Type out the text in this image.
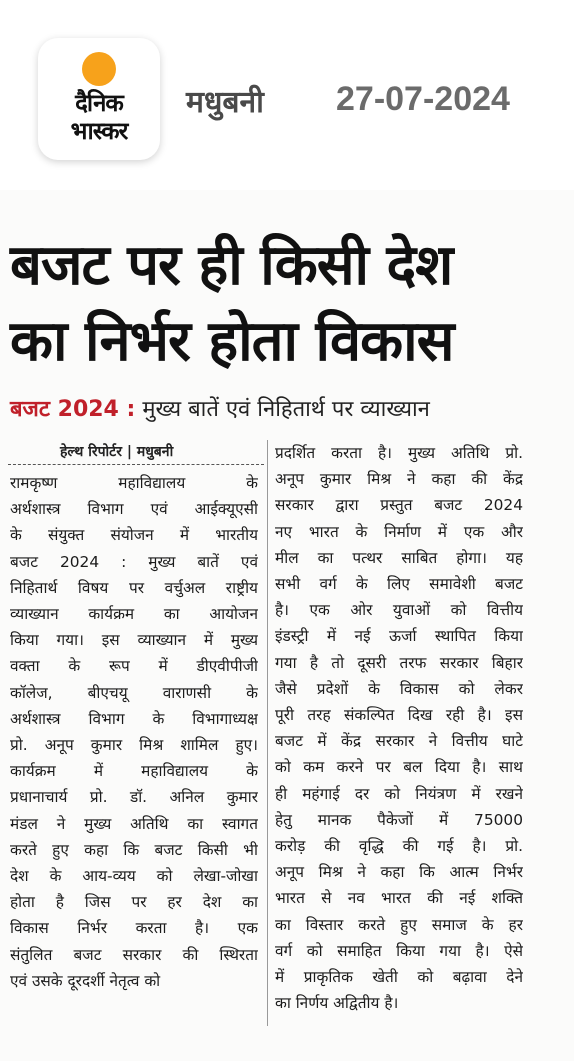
दैनिक
भास्कर
मधुबनी 27-07-2024
बजट पर ही किसी देश
का निर्भर होता विकास
बजट 2024 : मुख्य बातें एवं निहितार्थ पर व्याख्यान
हेल्थ रिपोर्टर | मधुबनी
रामकृष्ण महाविद्यालय के
अर्थशास्त्र विभाग एवं आईक्यूएसी
के संयुक्त संयोजन में भारतीय
बजट 2024 : मुख्य बातें एवं
निहितार्थ विषय पर वर्चुअल राष्ट्रीय
व्याख्यान कार्यक्रम का आयोजन
किया गया। इस व्याख्यान में मुख्य
वक्ता के रूप में डीएवीपीजी
कॉलेज, बीएचयू वाराणसी के
अर्थशास्त्र विभाग के विभागाध्यक्ष
प्रो. अनूप कुमार मिश्र शामिल हुए।
कार्यक्रम में महाविद्यालय के
प्रधानाचार्य प्रो. डॉ. अनिल कुमार
मंडल ने मुख्य अतिथि का स्वागत
करते हुए कहा कि बजट किसी भी
देश के आय-व्यय को लेखा-जोखा
होता है जिस पर हर देश का
विकास निर्भर करता है। एक
संतुलित बजट सरकार की स्थिरता
एवं उसके दूरदर्शी नेतृत्व को
प्रदर्शित करता है। मुख्य अतिथि प्रो.
अनूप कुमार मिश्र ने कहा की केंद्र
सरकार द्वारा प्रस्तुत बजट 2024
नए भारत के निर्माण में एक और
मील का पत्थर साबित होगा। यह
सभी वर्ग के लिए समावेशी बजट
है। एक ओर युवाओं को वित्तीय
इंडस्ट्री में नई ऊर्जा स्थापित किया
गया है तो दूसरी तरफ सरकार बिहार
जैसे प्रदेशों के विकास को लेकर
पूरी तरह संकल्पित दिख रही है। इस
बजट में केंद्र सरकार ने वित्तीय घाटे
को कम करने पर बल दिया है। साथ
ही महंगाई दर को नियंत्रण में रखने
हेतु मानक पैकेजों में 75000
करोड़ की वृद्धि की गई है। प्रो.
अनूप मिश्र ने कहा कि आत्म निर्भर
भारत से नव भारत की नई शक्ति
का विस्तार करते हुए समाज के हर
वर्ग को समाहित किया गया है। ऐसे
में प्राकृतिक खेती को बढ़ावा देने
का निर्णय अद्वितीय है।
